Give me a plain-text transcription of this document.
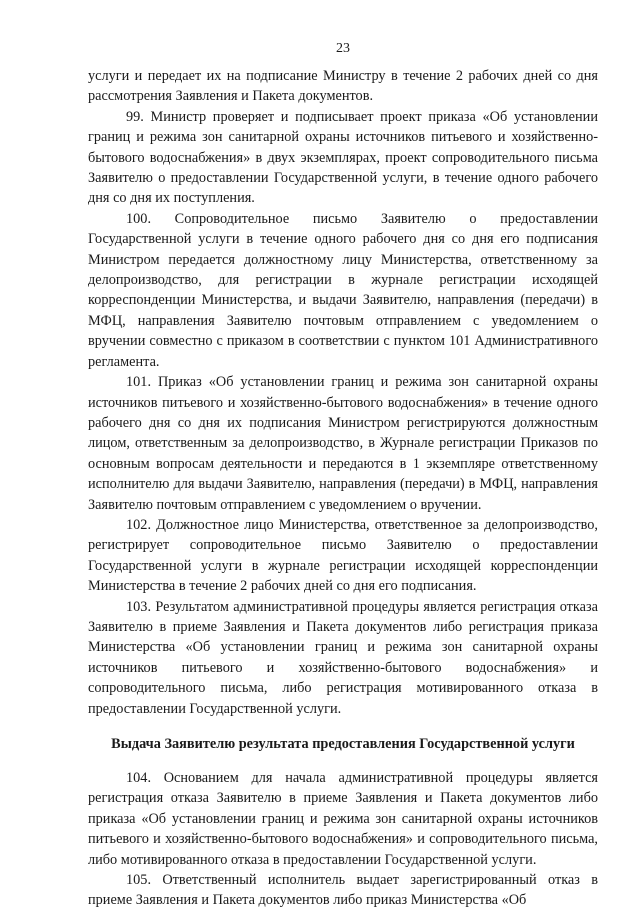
23

услуги и передает их на подписание Министру в течение 2 рабочих дней со дня рассмотрения Заявления и Пакета документов.

99. Министр проверяет и подписывает проект приказа «Об установлении границ и режима зон санитарной охраны источников питьевого и хозяйственно-бытового водоснабжения» в двух экземплярах, проект сопроводительного письма Заявителю о предоставлении Государственной услуги, в течение одного рабочего дня со дня их поступления.

100. Сопроводительное письмо Заявителю о предоставлении Государственной услуги в течение одного рабочего дня со дня его подписания Министром передается должностному лицу Министерства, ответственному за делопроизводство, для регистрации в журнале регистрации исходящей корреспонденции Министерства, и выдачи Заявителю, направления (передачи) в МФЦ, направления Заявителю почтовым отправлением с уведомлением о вручении совместно с приказом в соответствии с пунктом 101 Административного регламента.

101. Приказ «Об установлении границ и режима зон санитарной охраны источников питьевого и хозяйственно-бытового водоснабжения» в течение одного рабочего дня со дня их подписания Министром регистрируются должностным лицом, ответственным за делопроизводство, в Журнале регистрации Приказов по основным вопросам деятельности и передаются в 1 экземпляре ответственному исполнителю для выдачи Заявителю, направления (передачи) в МФЦ, направления Заявителю почтовым отправлением с уведомлением о вручении.

102. Должностное лицо Министерства, ответственное за делопроизводство, регистрирует сопроводительное письмо Заявителю о предоставлении Государственной услуги в журнале регистрации исходящей корреспонденции Министерства в течение 2 рабочих дней со дня его подписания.

103. Результатом административной процедуры является регистрация отказа Заявителю в приеме Заявления и Пакета документов либо регистрация приказа Министерства «Об установлении границ и режима зон санитарной охраны источников питьевого и хозяйственно-бытового водоснабжения» и сопроводительного письма, либо регистрация мотивированного отказа в предоставлении Государственной услуги.

Выдача Заявителю результата предоставления Государственной услуги

104. Основанием для начала административной процедуры является регистрация отказа Заявителю в приеме Заявления и Пакета документов либо приказа «Об установлении границ и режима зон санитарной охраны источников питьевого и хозяйственно-бытового водоснабжения» и сопроводительного письма, либо мотивированного отказа в предоставлении Государственной услуги.

105. Ответственный исполнитель выдает зарегистрированный отказ в приеме Заявления и Пакета документов либо приказ Министерства «Об
